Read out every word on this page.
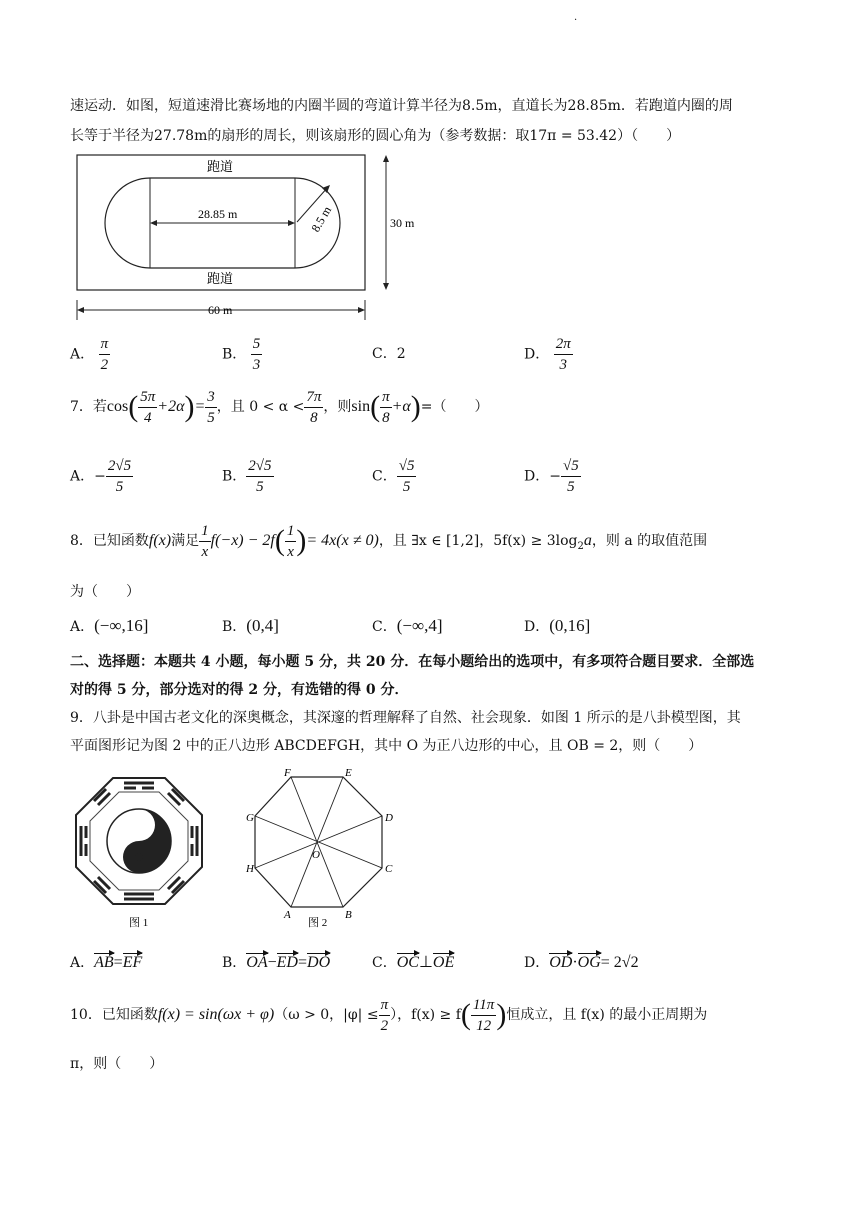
.
速运动．如图，短道速滑比赛场地的内圈半圆的弯道计算半径为8.5m，直道长为28.85m．若跑道内圈的周
长等于半径为27.78m的扇形的周长，则该扇形的圆心角为（参考数据：取17π = 53.42）（　　）
跑道
跑道
28.85 m	8.5 m	30 m
60 m
A． $\frac{\pi}{2}$	B． $\frac{5}{3}$	C．2	D． $\frac{2\pi}{3}$
7．若$\cos( \frac{5\pi}{4} +2\alpha)= \frac{3}{5}$ ，且 $0 < \alpha < \frac{7\pi}{8}$ ，则$\sin( \frac{\pi}{8} +\alpha)=$（　　）
A．− $\frac{2√5}{5}$	B． $\frac{2√5}{5}$	C． $\frac{√5}{5}$	D．− $\frac{√5}{5}$
8．已知函数f(x)满足 $\frac{1}{x} f(-x) - 2f( \frac{1}{x}$ )= 4x(x ≠ 0)，且 ∃x ∈ [1,2]，$5f(x) \ge 3\log_2a$，则 a 的取值范围
为（　　）
A．(−∞,16]	B．(0,4]	C．(−∞,4]	D．(0,16]
二、选择题：本题共 4 小题，每小题 5 分，共 20 分．在每小题给出的选项中，有多项符合题目要求．全部选
对的得 5 分，部分选对的得 2 分，有选错的得 0 分．
9．八卦是中国古老文化的深奥概念，其深邃的哲理解释了自然、社会现象．如图 1 所示的是八卦模型图，其
平面图形记为图 2 中的正八边形 ABCDEFGH，其中 O 为正八边形的中心，且 OB = 2，则（　　）
图 1
F	E
D
C
B
A
H
G
O
图 2
A．AB=EF	B．OA−ED=DO	C．OC⊥OE	D．OD·OG= 2√2
10．已知函数f(x) = sin(ωx + φ)（ω > 0，$|\varphi| \le \frac{\pi}{2}$ ），$f(x) \ge f( \frac{11\pi}{12}$ )恒成立，且 f(x) 的最小正周期为
π，则（　　）
